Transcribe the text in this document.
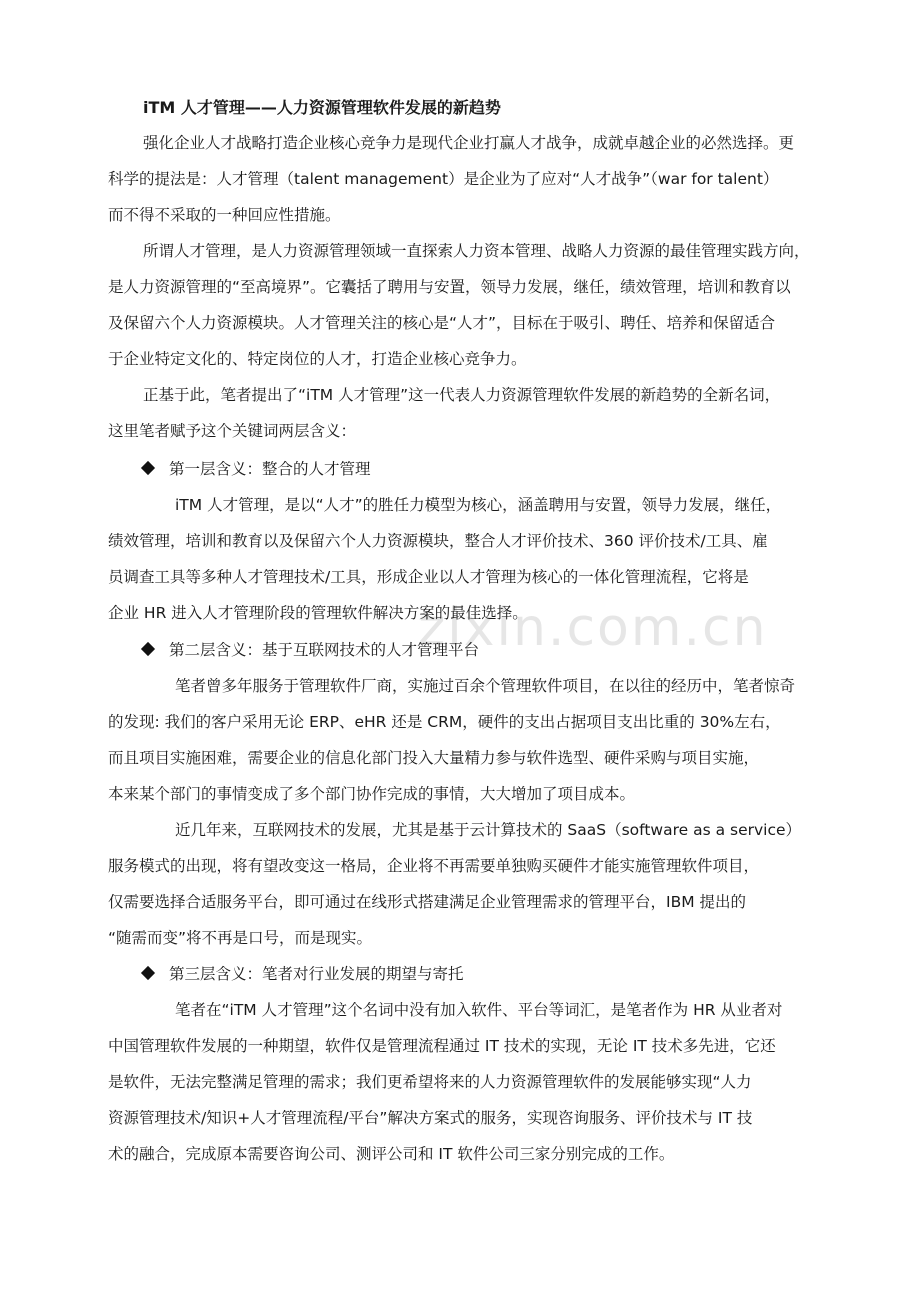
zixin.com.cn
iTM 人才管理——人力资源管理软件发展的新趋势
强化企业人才战略打造企业核心竞争力是现代企业打赢人才战争，成就卓越企业的必然选择。更
科学的提法是：人才管理（talent management）是企业为了应对“人才战争”（war for talent）
而不得不采取的一种回应性措施。
所谓人才管理，是人力资源管理领域一直探索人力资本管理、战略人力资源的最佳管理实践方向，
是人力资源管理的“至高境界”。它囊括了聘用与安置，领导力发展，继任，绩效管理，培训和教育以
及保留六个人力资源模块。人才管理关注的核心是“人才”，目标在于吸引、聘任、培养和保留适合
于企业特定文化的、特定岗位的人才，打造企业核心竞争力。
正基于此，笔者提出了“iTM 人才管理”这一代表人力资源管理软件发展的新趋势的全新名词，
这里笔者赋予这个关键词两层含义：
第一层含义：整合的人才管理
iTM 人才管理，是以“人才”的胜任力模型为核心，涵盖聘用与安置，领导力发展，继任，
绩效管理，培训和教育以及保留六个人力资源模块，整合人才评价技术、360 评价技术/工具、雇
员调查工具等多种人才管理技术/工具，形成企业以人才管理为核心的一体化管理流程，它将是
企业 HR 进入人才管理阶段的管理软件解决方案的最佳选择。
第二层含义：基于互联网技术的人才管理平台
笔者曾多年服务于管理软件厂商，实施过百余个管理软件项目，在以往的经历中，笔者惊奇
的发现: 我们的客户采用无论 ERP、eHR 还是 CRM，硬件的支出占据项目支出比重的 30%左右，
而且项目实施困难，需要企业的信息化部门投入大量精力参与软件选型、硬件采购与项目实施，
本来某个部门的事情变成了多个部门协作完成的事情，大大增加了项目成本。
近几年来，互联网技术的发展，尤其是基于云计算技术的 SaaS（software as a service）
服务模式的出现，将有望改变这一格局，企业将不再需要单独购买硬件才能实施管理软件项目，
仅需要选择合适服务平台，即可通过在线形式搭建满足企业管理需求的管理平台，IBM 提出的
“随需而变”将不再是口号，而是现实。
第三层含义：笔者对行业发展的期望与寄托
笔者在“iTM 人才管理”这个名词中没有加入软件、平台等词汇，是笔者作为 HR 从业者对
中国管理软件发展的一种期望，软件仅是管理流程通过 IT 技术的实现，无论 IT 技术多先进，它还
是软件，无法完整满足管理的需求；我们更希望将来的人力资源管理软件的发展能够实现“人力
资源管理技术/知识+人才管理流程/平台”解决方案式的服务，实现咨询服务、评价技术与 IT 技
术的融合，完成原本需要咨询公司、测评公司和 IT 软件公司三家分别完成的工作。
